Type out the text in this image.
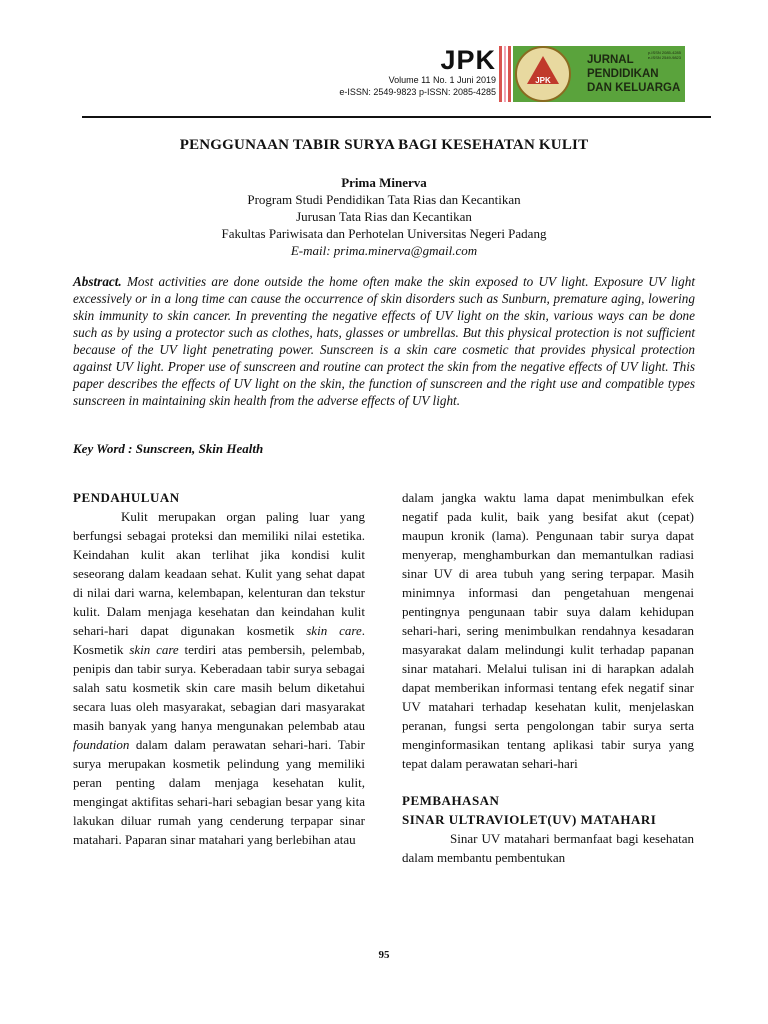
JPK
Volume 11 No. 1 Juni 2019
e-ISSN: 2549-9823 p-ISSN: 2085-4285
JPK
JURNAL
PENDIDIKAN
DAN KELUARGA
p-ISSN 2085-4285
e-ISSN 2549-9823
PENGGUNAAN TABIR SURYA BAGI KESEHATAN KULIT
Prima Minerva
Program Studi Pendidikan Tata Rias dan Kecantikan
Jurusan Tata Rias dan Kecantikan
Fakultas Pariwisata dan Perhotelan Universitas Negeri Padang
E-mail: prima.minerva@gmail.com

Abstract. Most activities are done outside the home often make the skin exposed to UV light. Exposure UV light excessively or in a long time can cause the occurrence of skin disorders such as Sunburn, premature aging, lowering skin immunity to skin cancer. In preventing the negative effects of UV light on the skin, various ways can be done such as by using a protector such as clothes, hats, glasses or umbrellas. But this physical protection is not sufficient because of the UV light penetrating power. Sunscreen is a skin care cosmetic that provides physical protection against UV light. Proper use of sunscreen and routine can protect the skin from the negative effects of UV light. This paper describes the effects of UV light on the skin, the function of sunscreen and the right use and compatible types sunscreen in maintaining skin health from the adverse effects of UV light.

Key Word : Sunscreen, Skin Health

PENDAHULUAN

Kulit merupakan organ paling luar yang berfungsi sebagai proteksi dan memiliki nilai estetika. Keindahan kulit akan terlihat jika kondisi kulit seseorang dalam keadaan sehat. Kulit yang sehat dapat di nilai dari warna, kelembapan, kelenturan dan tekstur kulit. Dalam menjaga kesehatan dan keindahan kulit sehari-hari dapat digunakan kosmetik skin care. Kosmetik skin care terdiri atas pembersih, pelembab, penipis dan tabir surya. Keberadaan tabir surya sebagai salah satu kosmetik skin care masih belum diketahui secara luas oleh masyarakat, sebagian dari masyarakat masih banyak yang hanya mengunakan pelembab atau foundation dalam dalam perawatan sehari-hari. Tabir surya merupakan kosmetik pelindung yang memiliki peran penting dalam menjaga kesehatan kulit, mengingat aktifitas sehari-hari sebagian besar yang kita lakukan diluar rumah yang cenderung terpapar sinar matahari. Paparan sinar matahari yang berlebihan atau

dalam jangka waktu lama dapat menimbulkan efek negatif pada kulit, baik yang besifat akut (cepat) maupun kronik (lama). Pengunaan tabir surya dapat menyerap, menghamburkan dan memantulkan radiasi sinar UV di area tubuh yang sering terpapar. Masih minimnya informasi dan pengetahuan mengenai pentingnya pengunaan tabir suya dalam kehidupan sehari-hari, sering menimbulkan rendahnya kesadaran masyarakat dalam melindungi kulit terhadap papanan sinar matahari. Melalui tulisan ini di harapkan adalah dapat memberikan informasi tentang efek negatif sinar UV matahari terhadap kesehatan kulit, menjelaskan peranan, fungsi serta pengolongan tabir surya serta menginformasikan tentang aplikasi tabir surya yang tepat dalam perawatan sehari-hari

PEMBAHASAN

SINAR ULTRAVIOLET(UV) MATAHARI

Sinar UV matahari bermanfaat bagi kesehatan dalam membantu pembentukan

95
